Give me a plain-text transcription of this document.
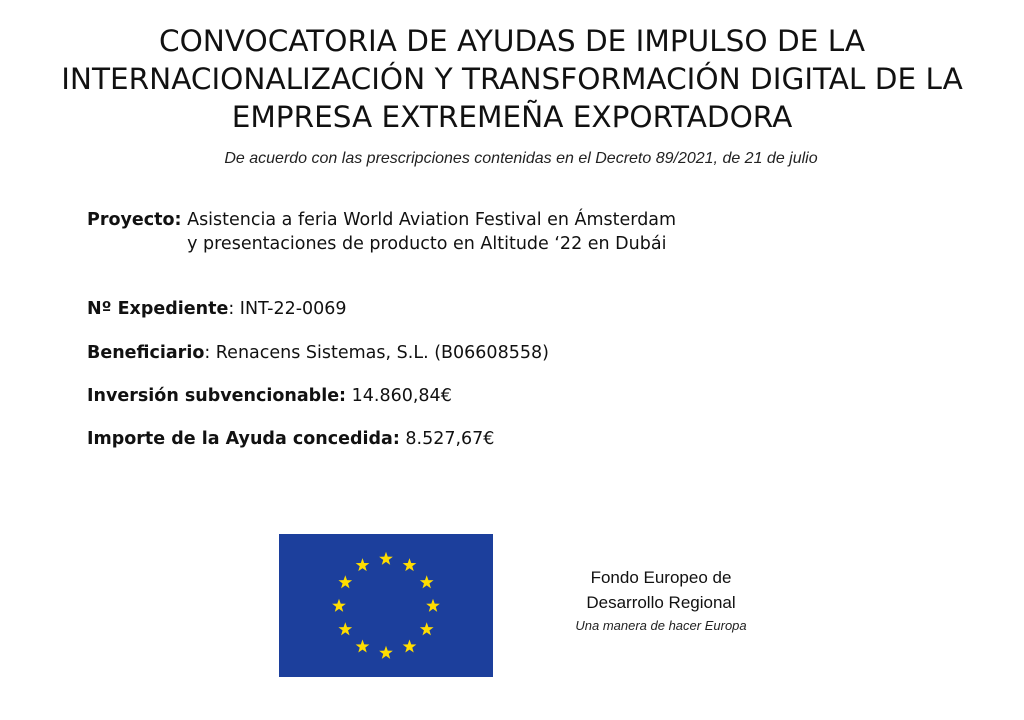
CONVOCATORIA DE AYUDAS DE IMPULSO DE LA
INTERNACIONALIZACIÓN Y TRANSFORMACIÓN DIGITAL DE LA
EMPRESA EXTREMEÑA EXPORTADORA
De acuerdo con las prescripciones contenidas en el Decreto 89/2021, de 21 de julio
Proyecto: Asistencia a feria World Aviation Festival en Ámsterdam
y presentaciones de producto en Altitude ‘22 en Dubái
Nº Expediente: INT-22-0069
Beneficiario: Renacens Sistemas, S.L. (B06608558)
Inversión subvencionable: 14.860,84€
Importe de la Ayuda concedida: 8.527,67€
Fondo Europeo de
Desarrollo Regional
Una manera de hacer Europa
